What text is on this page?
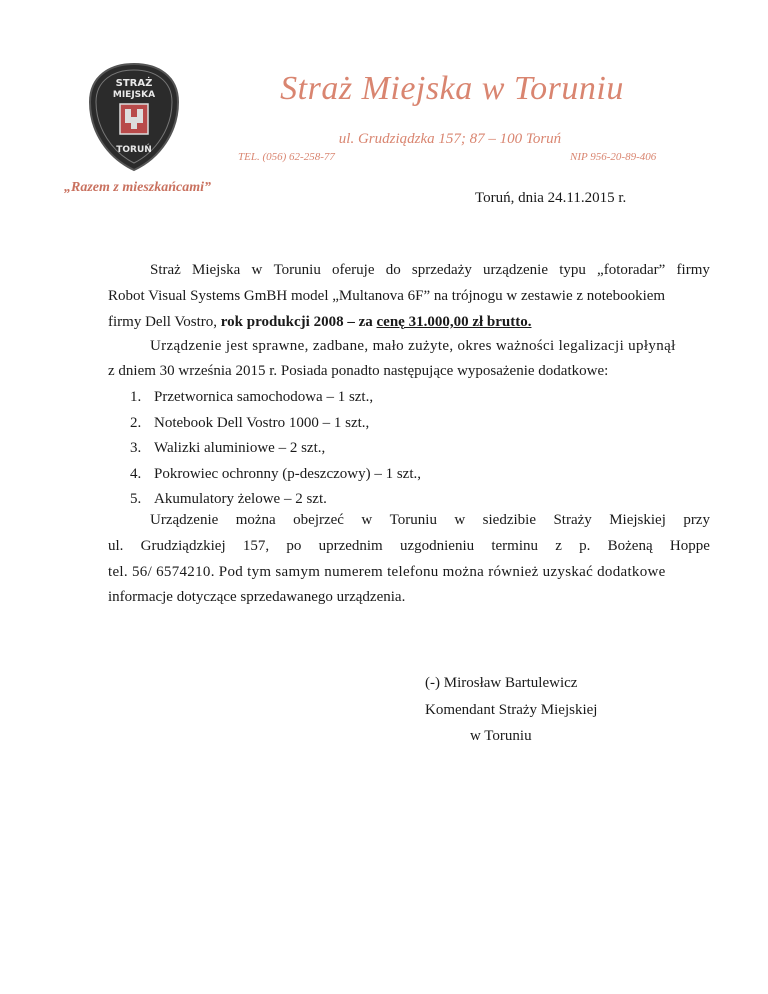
STRAŻ
MIEJSKA
TORUŃ
Straż Miejska w Toruniu
ul. Grudziądzka 157; 87 – 100 Toruń
TEL. (056) 62-258-77	NIP 956-20-89-406
„Razem z mieszkańcami”
Toruń, dnia 24.11.2015 r.
Straż Miejska w Toruniu oferuje do sprzedaży urządzenie typu „fotoradar” firmy
Robot Visual Systems GmBH model „Multanova 6F” na trójnogu w zestawie z notebookiem
firmy Dell Vostro, rok produkcji 2008 – za cenę 31.000,00 zł brutto.
Urządzenie jest sprawne, zadbane, mało zużyte, okres ważności legalizacji upłynął
z dniem 30 września 2015 r. Posiada ponadto następujące wyposażenie dodatkowe:
1. Przetwornica samochodowa – 1 szt.,
2. Notebook Dell Vostro 1000 – 1 szt.,
3. Walizki aluminiowe – 2 szt.,
4. Pokrowiec ochronny (p-deszczowy) – 1 szt.,
5. Akumulatory żelowe – 2 szt.
Urządzenie można obejrzeć w Toruniu w siedzibie Straży Miejskiej przy
ul. Grudziądzkiej 157, po uprzednim uzgodnieniu terminu z p. Bożeną Hoppe
tel. 56/ 6574210. Pod tym samym numerem telefonu można również uzyskać dodatkowe
informacje dotyczące sprzedawanego urządzenia.
(-) Mirosław Bartulewicz
Komendant Straży Miejskiej
w Toruniu
